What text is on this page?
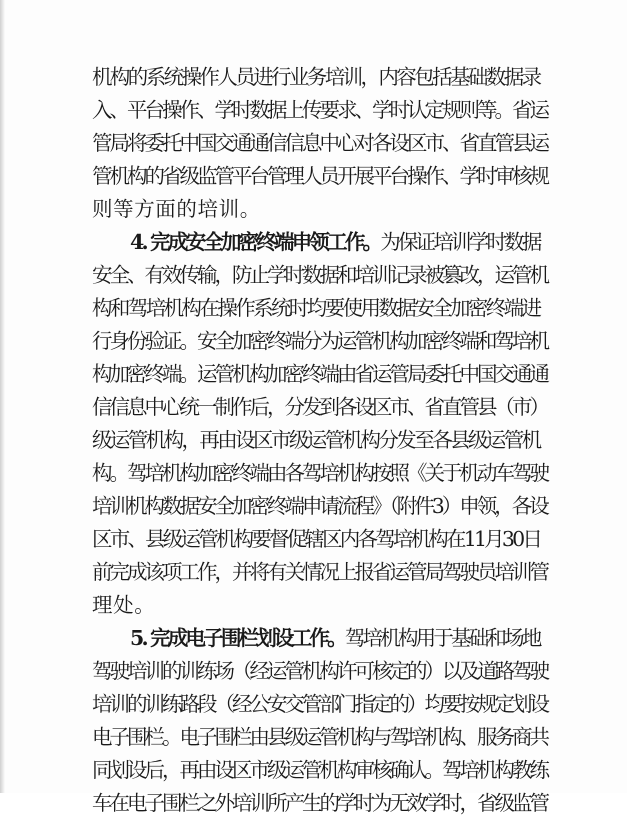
机构的系统操作人员进行业务培训，内容包括基础数据录
入、平台操作、学时数据上传要求、学时认定规则等。省运
管局将委托中国交通通信信息中心对各设区市、省直管县运
管机构的省级监管平台管理人员开展平台操作、学时审核规
则等方面的培训。
4. 完成安全加密终端申领工作。为保证培训学时数据
安全、有效传输，防止学时数据和培训记录被篡改，运管机
构和驾培机构在操作系统时均要使用数据安全加密终端进
行身份验证。安全加密终端分为运管机构加密终端和驾培机
构加密终端。运管机构加密终端由省运管局委托中国交通通
信信息中心统一制作后，分发到各设区市、省直管县（市）
级运管机构，再由设区市级运管机构分发至各县级运管机
构。驾培机构加密终端由各驾培机构按照《关于机动车驾驶
培训机构数据安全加密终端申请流程》（附件3）申领，各设
区市、县级运管机构要督促辖区内各驾培机构在11月30日
前完成该项工作，并将有关情况上报省运管局驾驶员培训管
理处。
5. 完成电子围栏划设工作。驾培机构用于基础和场地
驾驶培训的训练场（经运管机构许可核定的）以及道路驾驶
培训的训练路段（经公安交管部门指定的）均要按规定划设
电子围栏。电子围栏由县级运管机构与驾培机构、服务商共
同划设后，再由设区市级运管机构审核确认。驾培机构教练
车在电子围栏之外培训所产生的学时为无效学时，省级监管
